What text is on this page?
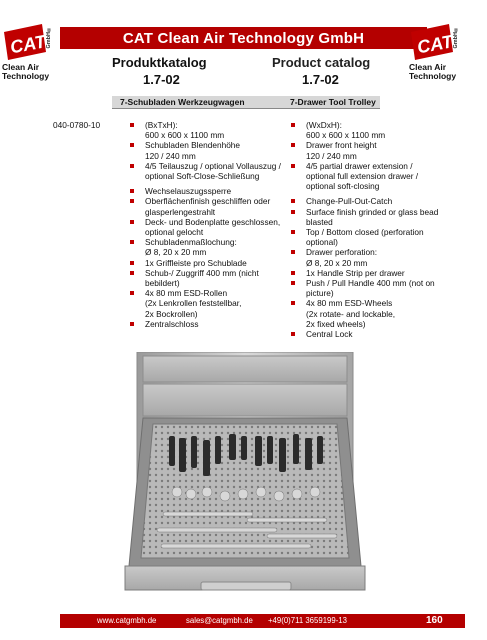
CAT Clean Air Technology GmbH
CAT
GmbH®
Clean Air
Technology
CAT
GmbH®
Clean Air
Technology
Produktkatalog	Product catalog
1.7-02	1.7-02
7-Schubladen Werkzeugwagen	7-Drawer Tool Trolley
040-0780-10	(BxTxH):
600 x 600 x 1100 mm
Schubladen Blendenhöhe
120 / 240 mm
4/5 Teilauszug / optional Vollauszug /
optional Soft-Close-Schließung
Wechselauszugssperre
Oberflächenfinish geschliffen oder
glasperlengestrahlt
Deck- und Bodenplatte geschlossen,
optional gelocht
Schubladenmaßlochung:
Ø 8, 20 x 20 mm
1x Griffleiste pro Schublade
Schub-/ Zuggriff 400 mm (nicht
bebildert)
4x 80 mm ESD-Rollen
(2x Lenkrollen feststellbar,
2x Bockrollen)
Zentralschloss
(WxDxH):
600 x 600 x 1100 mm
Drawer front height
120 / 240 mm
4/5 partial drawer extension /
optional full extension drawer /
optional soft-closing
Change-Pull-Out-Catch
Surface finish grinded or glass bead
blasted
Top / Bottom closed (perforation
optional)
Drawer perforation:
Ø 8, 20 x 20 mm
1x Handle Strip per drawer
Push / Pull Handle 400 mm (not on
picture)
4x 80 mm ESD-Wheels
(2x rotate- and lockable,
2x fixed wheels)
Central Lock
www.catgmbh.de	sales@catgmbh.de +49(0)711 3659199-13	160
